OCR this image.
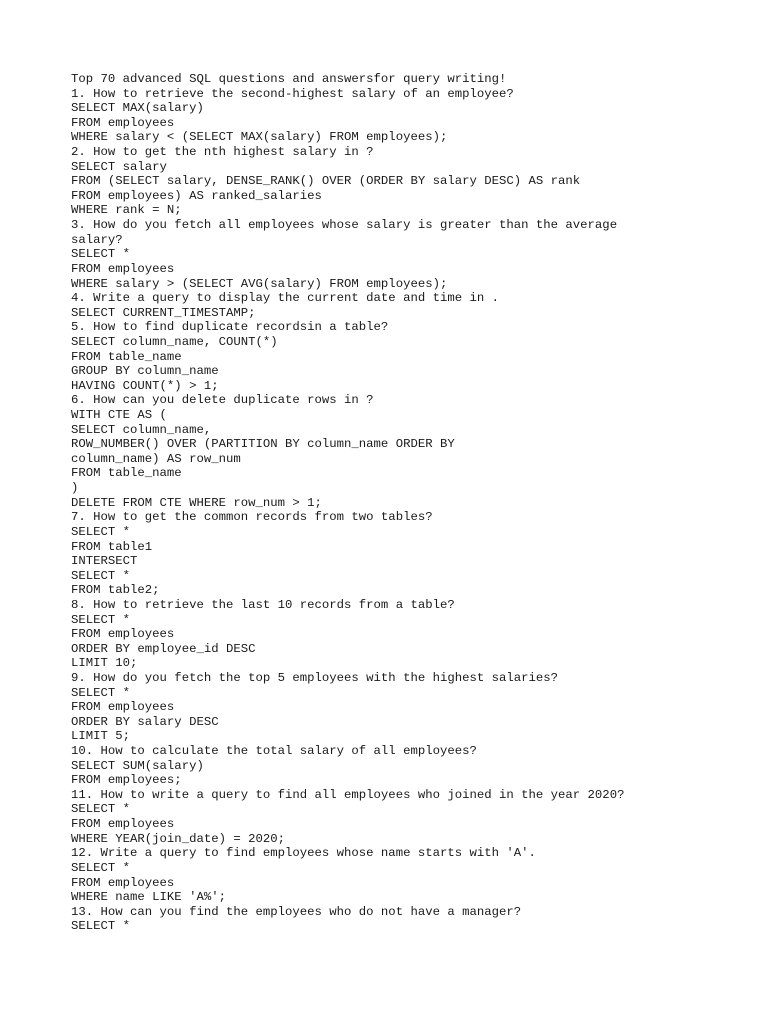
Top 70 advanced SQL questions and answersfor query writing!
1. How to retrieve the second-highest salary of an employee?
SELECT MAX(salary)
FROM employees
WHERE salary < (SELECT MAX(salary) FROM employees);
2. How to get the nth highest salary in ?
SELECT salary
FROM (SELECT salary, DENSE_RANK() OVER (ORDER BY salary DESC) AS rank
FROM employees) AS ranked_salaries
WHERE rank = N;
3. How do you fetch all employees whose salary is greater than the average
salary?
SELECT *
FROM employees
WHERE salary > (SELECT AVG(salary) FROM employees);
4. Write a query to display the current date and time in .
SELECT CURRENT_TIMESTAMP;
5. How to find duplicate recordsin a table?
SELECT column_name, COUNT(*)
FROM table_name
GROUP BY column_name
HAVING COUNT(*) > 1;
6. How can you delete duplicate rows in ?
WITH CTE AS (
SELECT column_name,
ROW_NUMBER() OVER (PARTITION BY column_name ORDER BY
column_name) AS row_num
FROM table_name
)
DELETE FROM CTE WHERE row_num > 1;
7. How to get the common records from two tables?
SELECT *
FROM table1
INTERSECT
SELECT *
FROM table2;
8. How to retrieve the last 10 records from a table?
SELECT *
FROM employees
ORDER BY employee_id DESC
LIMIT 10;
9. How do you fetch the top 5 employees with the highest salaries?
SELECT *
FROM employees
ORDER BY salary DESC
LIMIT 5;
10. How to calculate the total salary of all employees?
SELECT SUM(salary)
FROM employees;
11. How to write a query to find all employees who joined in the year 2020?
SELECT *
FROM employees
WHERE YEAR(join_date) = 2020;
12. Write a query to find employees whose name starts with 'A'.
SELECT *
FROM employees
WHERE name LIKE 'A%';
13. How can you find the employees who do not have a manager?
SELECT *
